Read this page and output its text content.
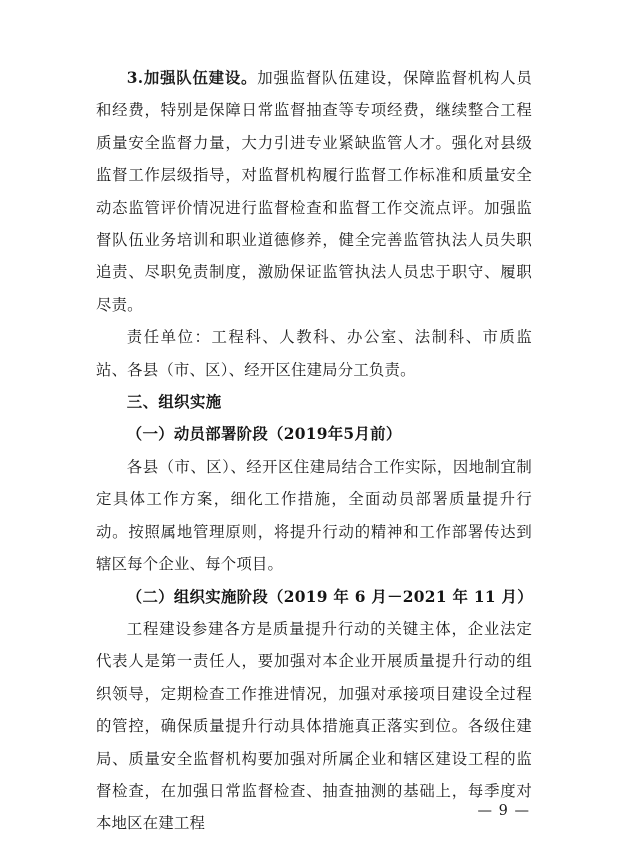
3.加强队伍建设。加强监督队伍建设，保障监督机构人员和经费，特别是保障日常监督抽查等专项经费，继续整合工程质量安全监督力量，大力引进专业紧缺监管人才。强化对县级监督工作层级指导，对监督机构履行监督工作标准和质量安全动态监管评价情况进行监督检查和监督工作交流点评。加强监督队伍业务培训和职业道德修养，健全完善监管执法人员失职追责、尽职免责制度，激励保证监管执法人员忠于职守、履职尽责。

责任单位：工程科、人教科、办公室、法制科、市质监站、各县（市、区）、经开区住建局分工负责。

三、组织实施

（一）动员部署阶段（2019年5月前）

各县（市、区）、经开区住建局结合工作实际，因地制宜制定具体工作方案，细化工作措施，全面动员部署质量提升行动。按照属地管理原则，将提升行动的精神和工作部署传达到辖区每个企业、每个项目。

（二）组织实施阶段（2019 年 6 月－2021 年 11 月）

工程建设参建各方是质量提升行动的关键主体，企业法定代表人是第一责任人，要加强对本企业开展质量提升行动的组织领导，定期检查工作推进情况，加强对承接项目建设全过程的管控，确保质量提升行动具体措施真正落实到位。各级住建局、质量安全监督机构要加强对所属企业和辖区建设工程的监督检查，在加强日常监督检查、抽查抽测的基础上，每季度对本地区在建工程

— 9 —
